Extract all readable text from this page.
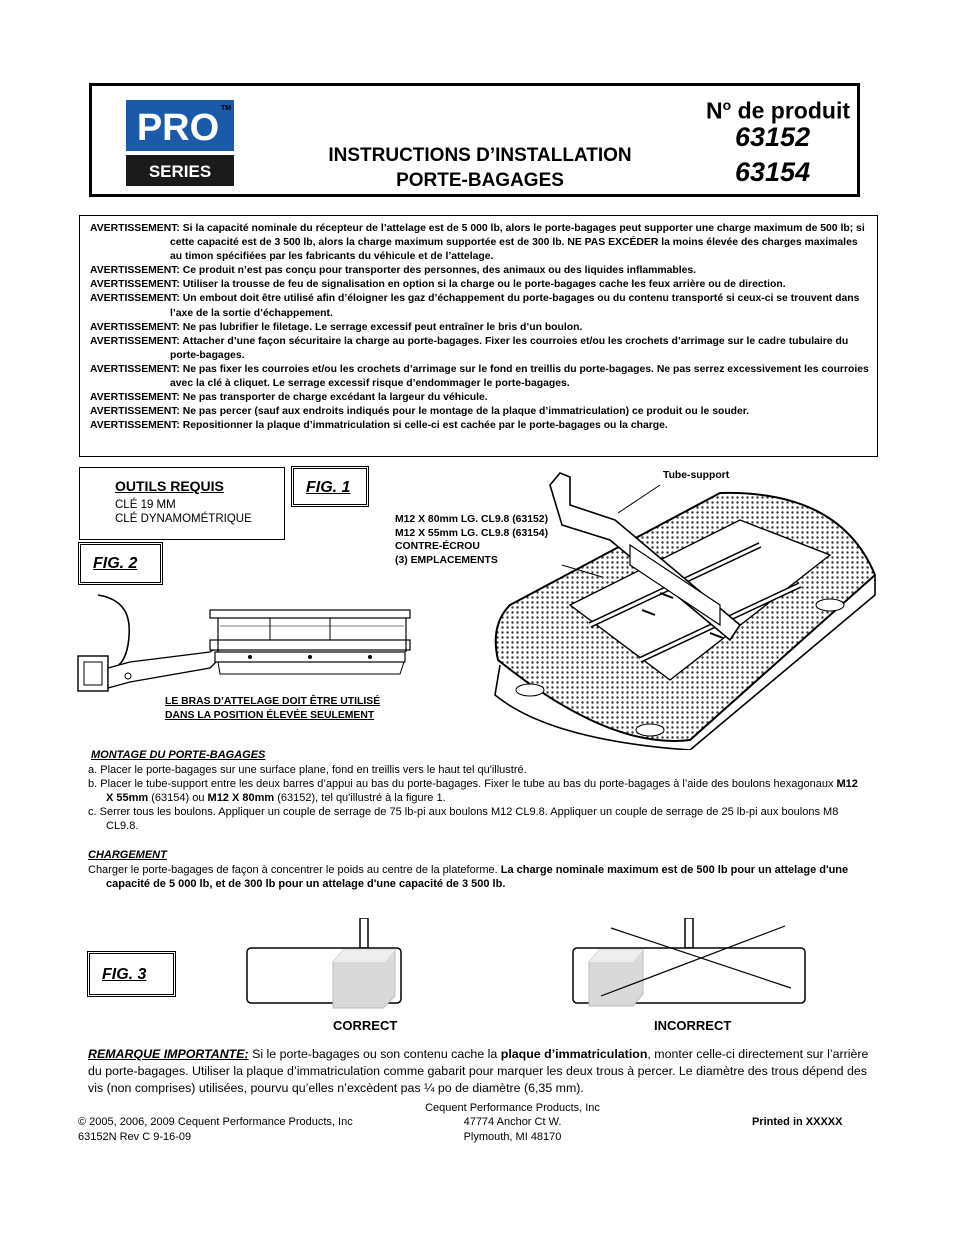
PRO TM
SERIES
INSTRUCTIONS D’INSTALLATION
PORTE-BAGAGES
$N^o$ de produit
63152
63154
AVERTISSEMENT: Si la capacité nominale du récepteur de l’attelage est de 5 000 lb, alors le porte-bagages peut supporter une charge maximum de 500 lb; si cette capacité est de 3 500 lb, alors la charge maximum supportée est de 300 lb. NE PAS EXCÉDER la moins élevée des charges maximales au timon spécifiées par les fabricants du véhicule et de l’attelage.
AVERTISSEMENT: Ce produit n’est pas conçu pour transporter des personnes, des animaux ou des liquides inflammables.
AVERTISSEMENT: Utiliser la trousse de feu de signalisation en option si la charge ou le porte-bagages cache les feux arrière ou de direction.
AVERTISSEMENT: Un embout doit être utilisé afin d’éloigner les gaz d’échappement du porte-bagages ou du contenu transporté si ceux-ci se trouvent dans l’axe de la sortie d’échappement.
AVERTISSEMENT: Ne pas lubrifier le filetage. Le serrage excessif peut entraîner le bris d’un boulon.
AVERTISSEMENT: Attacher d’une façon sécuritaire la charge au porte-bagages. Fixer les courroies et/ou les crochets d’arrimage sur le cadre tubulaire du porte-bagages.
AVERTISSEMENT: Ne pas fixer les courroies et/ou les crochets d’arrimage sur le fond en treillis du porte-bagages. Ne pas serrez excessivement les courroies avec la clé à cliquet. Le serrage excessif risque d’endommager le porte-bagages.
AVERTISSEMENT: Ne pas transporter de charge excédant la largeur du véhicule.
AVERTISSEMENT: Ne pas percer (sauf aux endroits indiqués pour le montage de la plaque d’immatriculation) ce produit ou le souder.
AVERTISSEMENT: Repositionner la plaque d’immatriculation si celle-ci est cachée par le porte-bagages ou la charge.
OUTILS REQUIS
CLÉ 19 MM
CLÉ DYNAMOMÉTRIQUE
FIG. 1
FIG. 2
FIG. 3
LE BRAS D’ATTELAGE DOIT ÊTRE UTILISÉ
DANS LA POSITION ÉLEVÉE SEULEMENT
Tube-support
M12 X 80mm LG. CL9.8 (63152)
M12 X 55mm LG. CL9.8 (63154)
CONTRE-ÉCROU
(3) EMPLACEMENTS
MONTAGE DU PORTE-BAGAGES
a. Placer le porte-bagages sur une surface plane, fond en treillis vers le haut tel qu'illustré.
b. Placer le tube-support entre les deux barres d’appui au bas du porte-bagages. Fixer le tube au bas du porte-bagages à l’aide des boulons hexagonaux M12 X 55mm (63154) ou M12 X 80mm (63152), tel qu'illustré à la figure 1.
c. Serrer tous les boulons. Appliquer un couple de serrage de 75 lb-pi aux boulons M12 CL9.8. Appliquer un couple de serrage de 25 lb-pi aux boulons M8 CL9.8.
CHARGEMENT
Charger le porte-bagages de façon à concentrer le poids au centre de la plateforme. La charge nominale maximum est de 500 lb pour un attelage d'une capacité de 5 000 lb, et de 300 lb pour un attelage d'une capacité de 3 500 lb.
CORRECT	INCORRECT
REMARQUE IMPORTANTE: Si le porte-bagages ou son contenu cache la plaque d’immatriculation, monter celle-ci directement sur l’arrière du porte-bagages. Utiliser la plaque d’immatriculation comme gabarit pour marquer les deux trous à percer. Le diamètre des trous dépend des vis (non comprises) utilisées, pourvu qu’elles n’excèdent pas ¼ po de diamètre (6,35 mm).
© 2005, 2006, 2009 Cequent Performance Products, Inc
63152N Rev C 9-16-09
Cequent Performance Products, Inc
47774 Anchor Ct W.
Plymouth, MI 48170
Printed in XXXXX
